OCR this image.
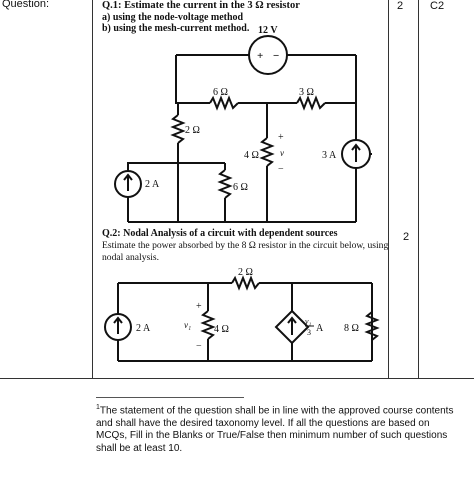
Question:	2 C2
2
Q.1: Estimate the current in the 3 Ω resistor
a) using the node-voltage method
b) using the mesh-current method. 12 V
+ −
6 Ω	3 Ω
2 Ω
4 Ω
+
v
−
6 Ω
2 A
3 A
Q.2: Nodal Analysis of a circuit with dependent sources
Estimate the power absorbed by the 8 Ω resistor in the circuit below, using
nodal analysis.
2 Ω
2 A
+
v₁
−
4 Ω
v₁
3 A 8 Ω
$^1$The statement of the question shall be in line with the approved course contents and shall have the desired taxonomy level. If all the questions are based on MCQs, Fill in the Blanks or True/False then minimum number of such questions shall be at least 10.
